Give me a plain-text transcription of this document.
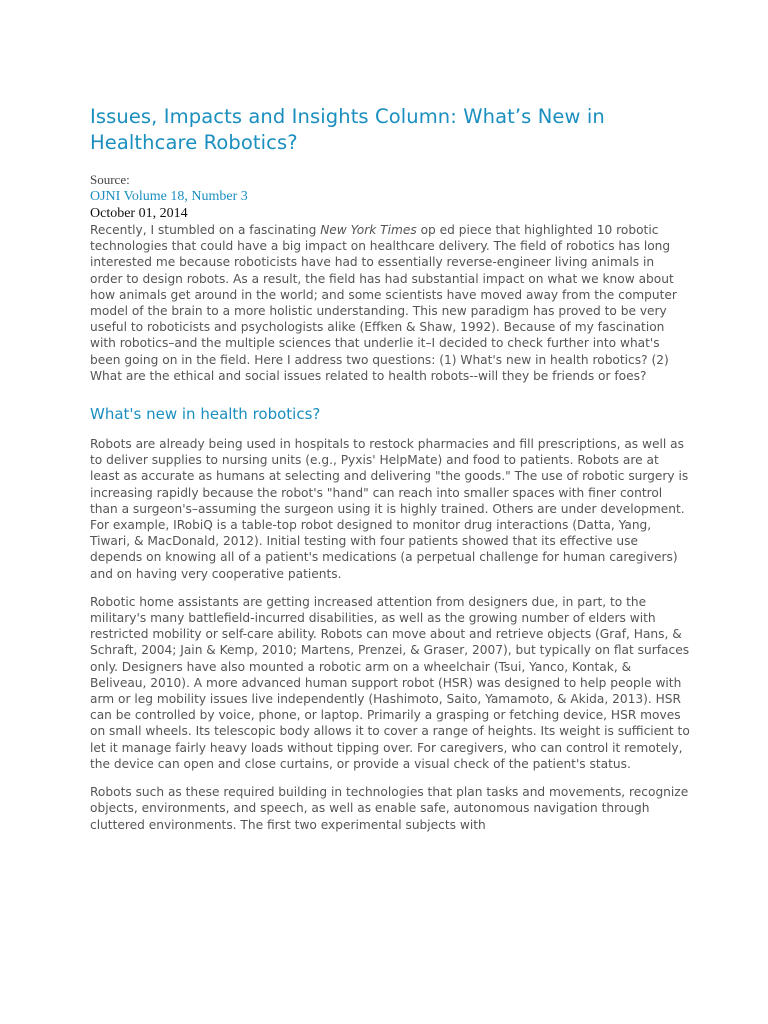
Issues, Impacts and Insights Column: What’s New in Healthcare Robotics?

Source:

OJNI Volume 18, Number 3

October 01, 2014

Recently, I stumbled on a fascinating New York Times op ed piece that highlighted 10 robotic technologies that could have a big impact on healthcare delivery. The field of robotics has long interested me because roboticists have had to essentially reverse-engineer living animals in order to design robots. As a result, the field has had substantial impact on what we know about how animals get around in the world; and some scientists have moved away from the computer model of the brain to a more holistic understanding. This new paradigm has proved to be very useful to roboticists and psychologists alike (Effken & Shaw, 1992). Because of my fascination with robotics–and the multiple sciences that underlie it–I decided to check further into what's been going on in the field. Here I address two questions: (1) What's new in health robotics? (2) What are the ethical and social issues related to health robots--will they be friends or foes?

What's new in health robotics?

Robots are already being used in hospitals to restock pharmacies and fill prescriptions, as well as to deliver supplies to nursing units (e.g., Pyxis' HelpMate) and food to patients. Robots are at least as accurate as humans at selecting and delivering "the goods." The use of robotic surgery is increasing rapidly because the robot's "hand" can reach into smaller spaces with finer control than a surgeon's–assuming the surgeon using it is highly trained. Others are under development. For example, IRobiQ is a table-top robot designed to monitor drug interactions (Datta, Yang, Tiwari, & MacDonald, 2012). Initial testing with four patients showed that its effective use depends on knowing all of a patient's medications (a perpetual challenge for human caregivers) and on having very cooperative patients.

Robotic home assistants are getting increased attention from designers due, in part, to the military's many battlefield-incurred disabilities, as well as the growing number of elders with restricted mobility or self-care ability. Robots can move about and retrieve objects (Graf, Hans, & Schraft, 2004; Jain & Kemp, 2010; Martens, Prenzei, & Graser, 2007), but typically on flat surfaces only. Designers have also mounted a robotic arm on a wheelchair (Tsui, Yanco, Kontak, & Beliveau, 2010). A more advanced human support robot (HSR) was designed to help people with arm or leg mobility issues live independently (Hashimoto, Saito, Yamamoto, & Akida, 2013). HSR can be controlled by voice, phone, or laptop. Primarily a grasping or fetching device, HSR moves on small wheels. Its telescopic body allows it to cover a range of heights. Its weight is sufficient to let it manage fairly heavy loads without tipping over. For caregivers, who can control it remotely, the device can open and close curtains, or provide a visual check of the patient's status.

Robots such as these required building in technologies that plan tasks and movements, recognize objects, environments, and speech, as well as enable safe, autonomous navigation through cluttered environments. The first two experimental subjects with
